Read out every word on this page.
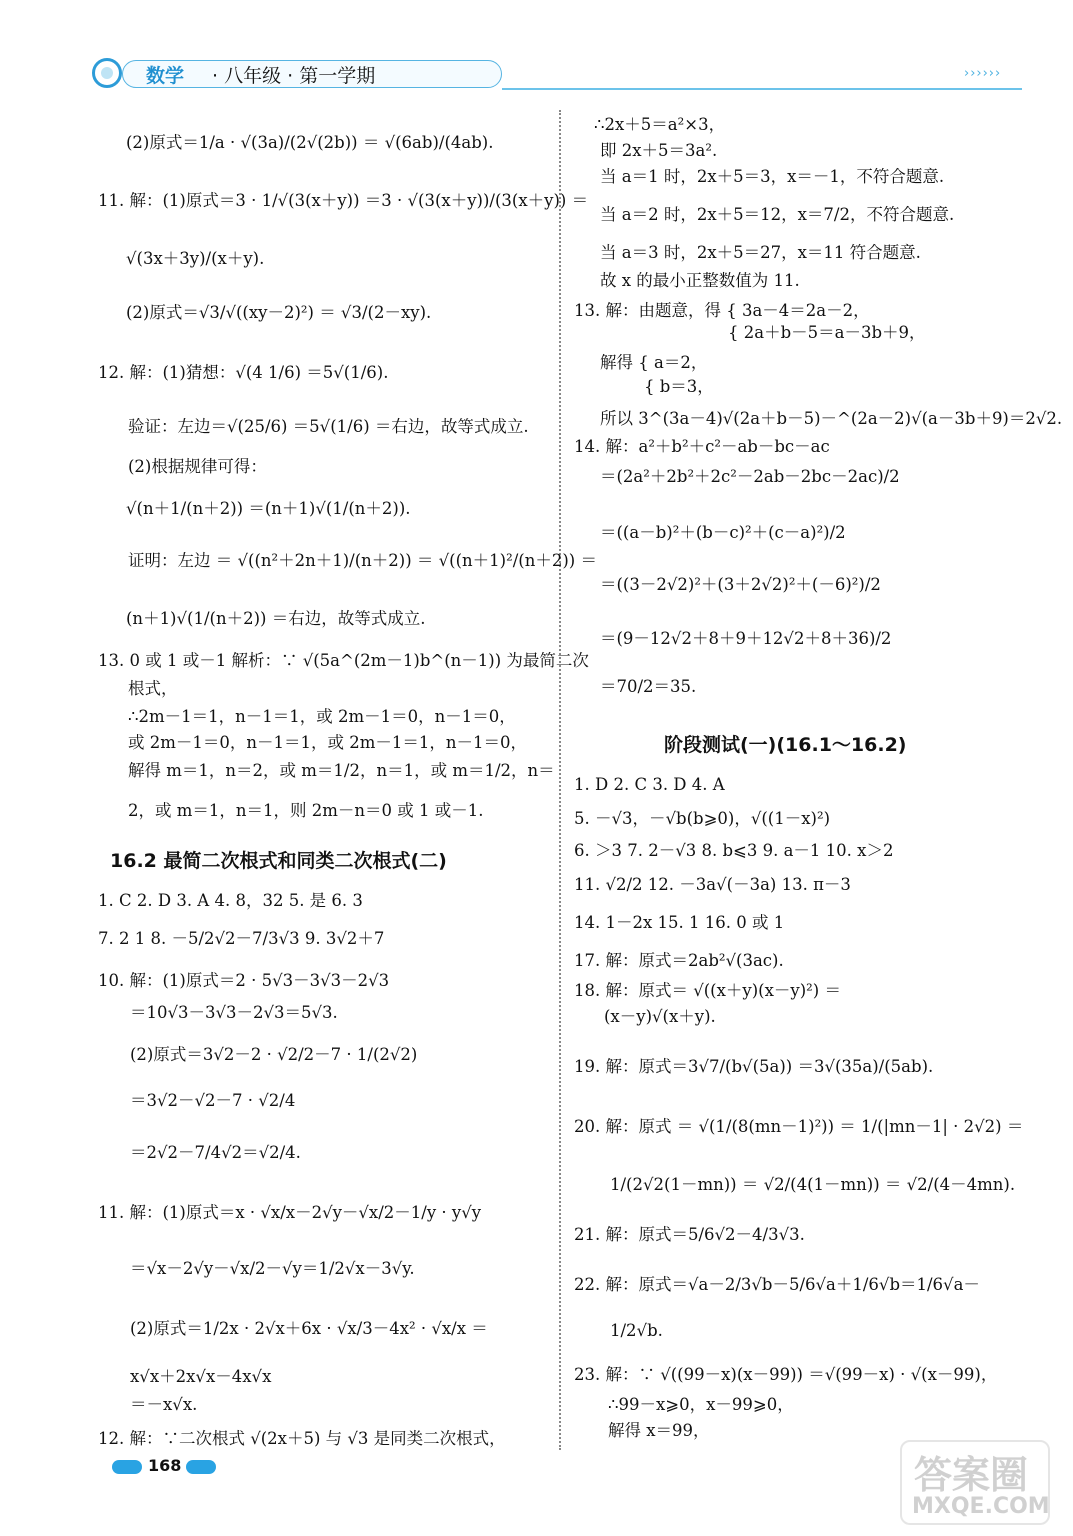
数学 · 八年级 · 第一学期	››››››
(2)原式＝1/a · √(3a)/(2√(2b)) ＝ √(6ab)/(4ab).
11. 解：(1)原式＝3 · 1/√(3(x＋y)) ＝3 · √(3(x＋y))/(3(x＋y)) ＝
√(3x＋3y)/(x＋y).
(2)原式＝√3/√((xy－2)²) ＝ √3/(2－xy).
12. 解：(1)猜想：√(4 1/6) ＝5√(1/6).
验证：左边＝√(25/6) ＝5√(1/6) ＝右边，故等式成立.
(2)根据规律可得：
√(n＋1/(n＋2)) ＝(n＋1)√(1/(n＋2)).
证明：左边 ＝ √((n²＋2n＋1)/(n＋2)) ＝ √((n＋1)²/(n＋2)) ＝
(n＋1)√(1/(n＋2)) ＝右边，故等式成立.
13. 0 或 1 或－1 解析：∵ √(5a^(2m－1)b^(n－1)) 为最简二次
根式，
∴2m－1＝1，n－1＝1，或 2m－1＝0，n－1＝0，
或 2m－1＝0，n－1＝1，或 2m－1＝1，n－1＝0，
解得 m＝1，n＝2，或 m＝1/2，n＝1，或 m＝1/2，n＝
2，或 m＝1，n＝1，则 2m－n＝0 或 1 或－1.
1. C 2. D 3. A 4. 8，32 5. 是 6. 3
7. 2 1 8. －5/2√2－7/3√3 9. 3√2＋7
10. 解：(1)原式＝2 · 5√3－3√3－2√3
＝10√3－3√3－2√3＝5√3.
(2)原式＝3√2－2 · √2/2－7 · 1/(2√2)
＝3√2－√2－7 · √2/4
＝2√2－7/4√2＝√2/4.
11. 解：(1)原式＝x · √x/x－2√y－√x/2－1/y · y√y
＝√x－2√y－√x/2－√y＝1/2√x－3√y.
(2)原式＝1/2x · 2√x＋6x · √x/3－4x² · √x/x ＝
x√x＋2x√x－4x√x
＝－x√x.
12. 解：∵二次根式 √(2x＋5) 与 √3 是同类二次根式，
16.2 最简二次根式和同类二次根式(二)
∴2x＋5＝a²×3，
即 2x＋5＝3a².
当 a＝1 时，2x＋5＝3，x＝－1，不符合题意.
当 a＝2 时，2x＋5＝12，x＝7/2，不符合题意.
当 a＝3 时，2x＋5＝27，x＝11 符合题意.
故 x 的最小正整数值为 11.
13. 解：由题意，得 { 3a－4＝2a－2，
{ 2a＋b－5＝a－3b＋9，
解得 { a＝2，
{ b＝3，
所以 3^(3a－4)√(2a＋b－5)－^(2a－2)√(a－3b＋9)＝2√2.
14. 解：a²＋b²＋c²－ab－bc－ac
＝(2a²＋2b²＋2c²－2ab－2bc－2ac)/2
＝((a－b)²＋(b－c)²＋(c－a)²)/2
＝((3－2√2)²＋(3＋2√2)²＋(－6)²)/2
＝(9－12√2＋8＋9＋12√2＋8＋36)/2
＝70/2＝35.
1. D 2. C 3. D 4. A
5. －√3，－√b(b⩾0)，√((1－x)²)
6. ＞3 7. 2－√3 8. b⩽3 9. a－1 10. x＞2
11. √2/2 12. －3a√(－3a) 13. π－3
14. 1－2x 15. 1 16. 0 或 1
17. 解：原式＝2ab²√(3ac).
18. 解：原式＝ √((x＋y)(x－y)²) ＝
(x－y)√(x＋y).
19. 解：原式＝3√7/(b√(5a)) ＝3√(35a)/(5ab).
20. 解：原式 ＝ √(1/(8(mn－1)²)) ＝ 1/(|mn－1| · 2√2) ＝
1/(2√2(1－mn)) ＝ √2/(4(1－mn)) ＝ √2/(4－4mn).
21. 解：原式＝5/6√2－4/3√3.
22. 解：原式＝√a－2/3√b－5/6√a＋1/6√b＝1/6√a－
1/2√b.
23. 解：∵ √((99－x)(x－99)) ＝√(99－x) · √(x－99)，
∴99－x⩾0，x－99⩾0，
解得 x＝99，
阶段测试(一)(16.1～16.2)
168	答案圈
MXQE.COM
